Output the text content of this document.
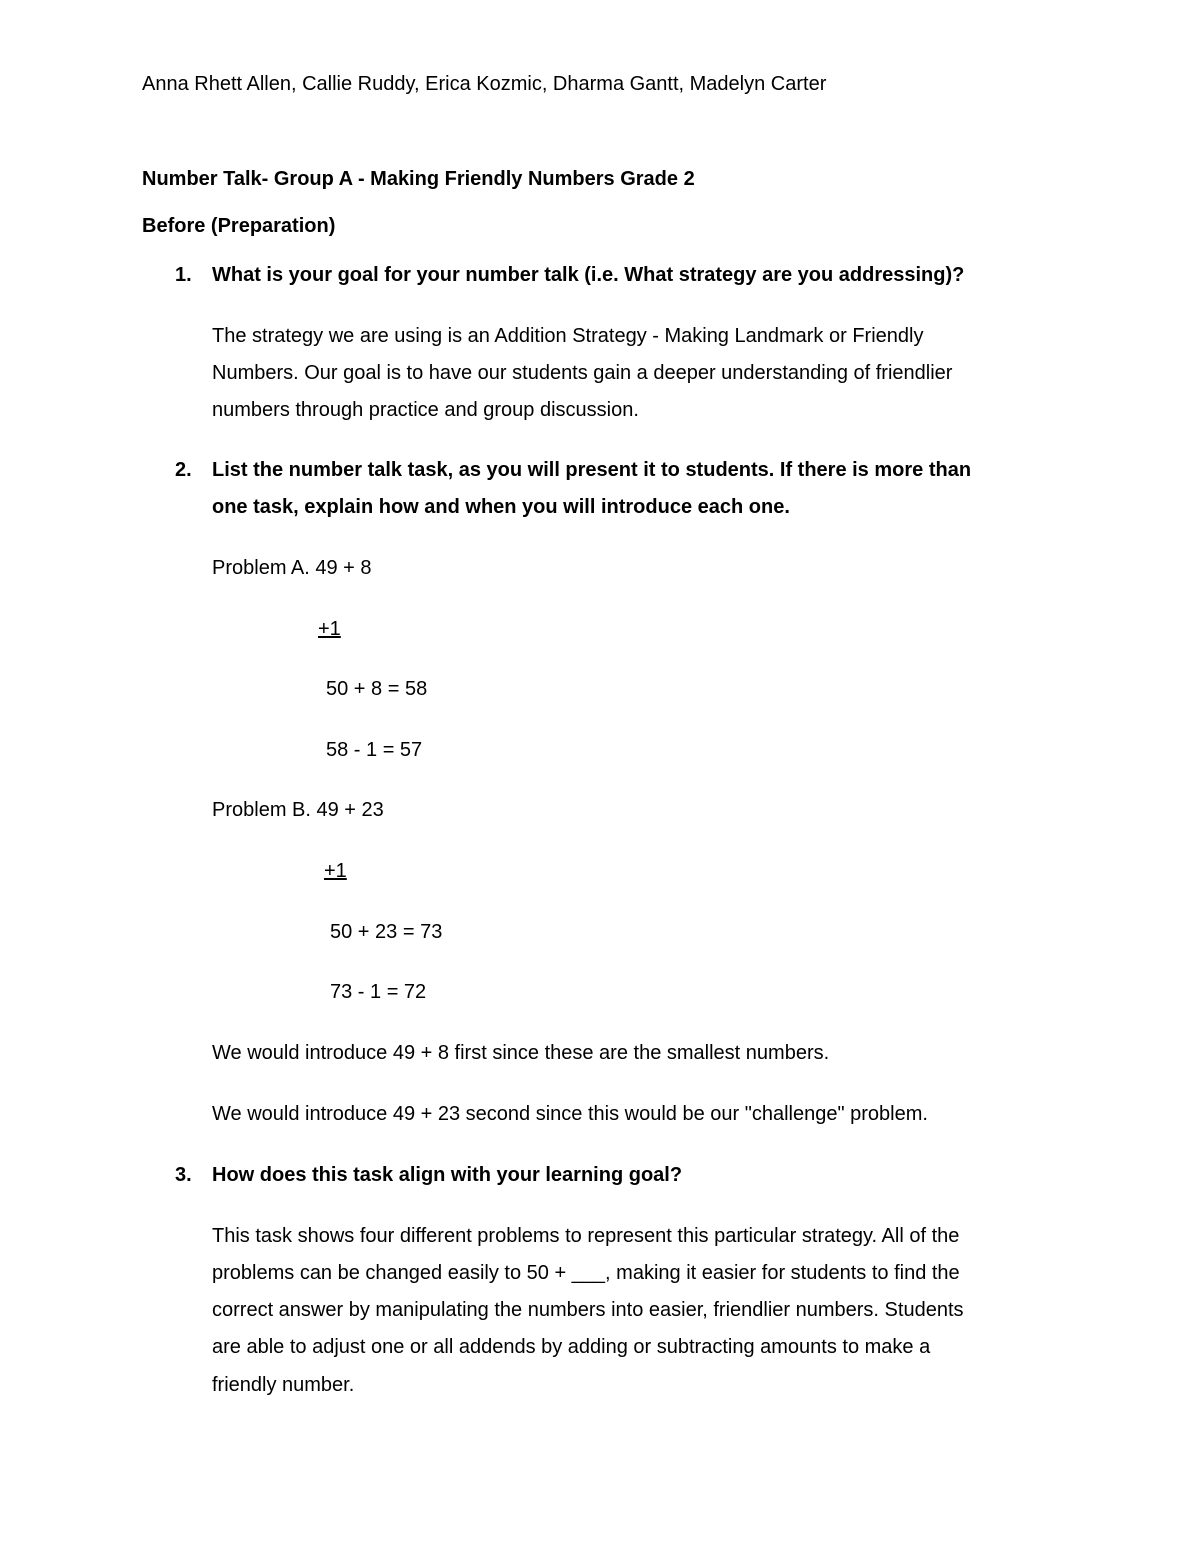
Anna Rhett Allen, Callie Ruddy, Erica Kozmic, Dharma Gantt, Madelyn Carter
Number Talk- Group A - Making Friendly Numbers Grade 2
Before (Preparation)
1. What is your goal for your number talk (i.e. What strategy are you addressing)?
The strategy we are using is an Addition Strategy - Making Landmark or Friendly
Numbers. Our goal is to have our students gain a deeper understanding of friendlier
numbers through practice and group discussion.
2. List the number talk task, as you will present it to students. If there is more than
one task, explain how and when you will introduce each one.
Problem A. 49 + 8
+1
50 + 8 = 58
58 - 1 = 57
Problem B. 49 + 23
+1
50 + 23 = 73
73 - 1 = 72
We would introduce 49 + 8 first since these are the smallest numbers.
We would introduce 49 + 23 second since this would be our "challenge" problem.
3. How does this task align with your learning goal?
This task shows four different problems to represent this particular strategy. All of the
problems can be changed easily to 50 + ___, making it easier for students to find the
correct answer by manipulating the numbers into easier, friendlier numbers. Students
are able to adjust one or all addends by adding or subtracting amounts to make a
friendly number.
